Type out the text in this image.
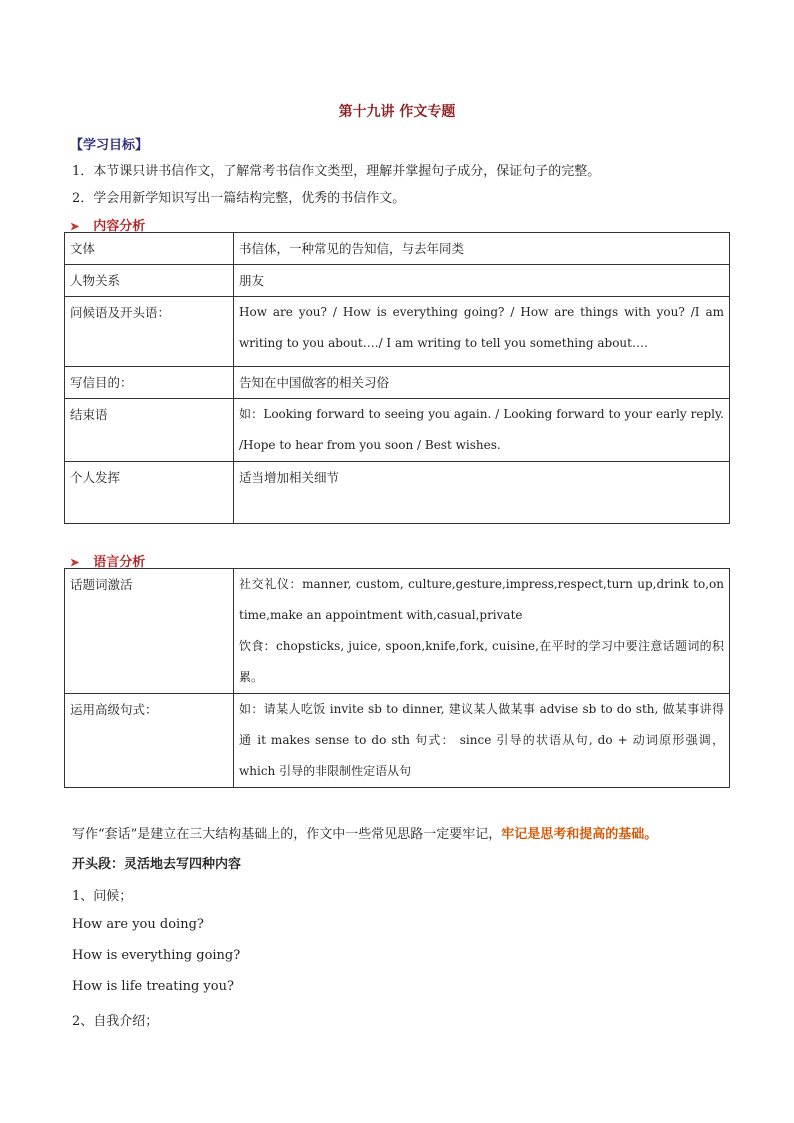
第十九讲 作文专题
【学习目标】
1．本节课只讲书信作文，了解常考书信作文类型，理解并掌握句子成分，保证句子的完整。
2．学会用新学知识写出一篇结构完整，优秀的书信作文。
➤ 内容分析
文体	书信体，一种常见的告知信，与去年同类
人物关系	朋友
问候语及开头语：	How are you? / How is everything going? / How are things with you? /I am writing to you about…./ I am writing to tell you something about….
写信目的：	告知在中国做客的相关习俗
结束语	如：Looking forward to seeing you again. / Looking forward to your early reply. /Hope to hear from you soon / Best wishes.
个人发挥	适当增加相关细节
➤ 语言分析
话题词激活	社交礼仪：manner, custom, culture,gesture,impress,respect,turn up,drink to,on time,make an appointment with,casual,private
饮食：chopsticks, juice, spoon,knife,fork, cuisine,在平时的学习中要注意话题词的积累。

运用高级句式：	如：请某人吃饭 invite sb to dinner, 建议某人做某事 advise sb to do sth, 做某事讲得通 it makes sense to do sth 句式： since 引导的状语从句, do + 动词原形强调，which 引导的非限制性定语从句
写作“套话”是建立在三大结构基础上的，作文中一些常见思路一定要牢记，牢记是思考和提高的基础。
开头段：灵活地去写四种内容
1、问候；
How are you doing?
How is everything going?
How is life treating you?
2、自我介绍；
